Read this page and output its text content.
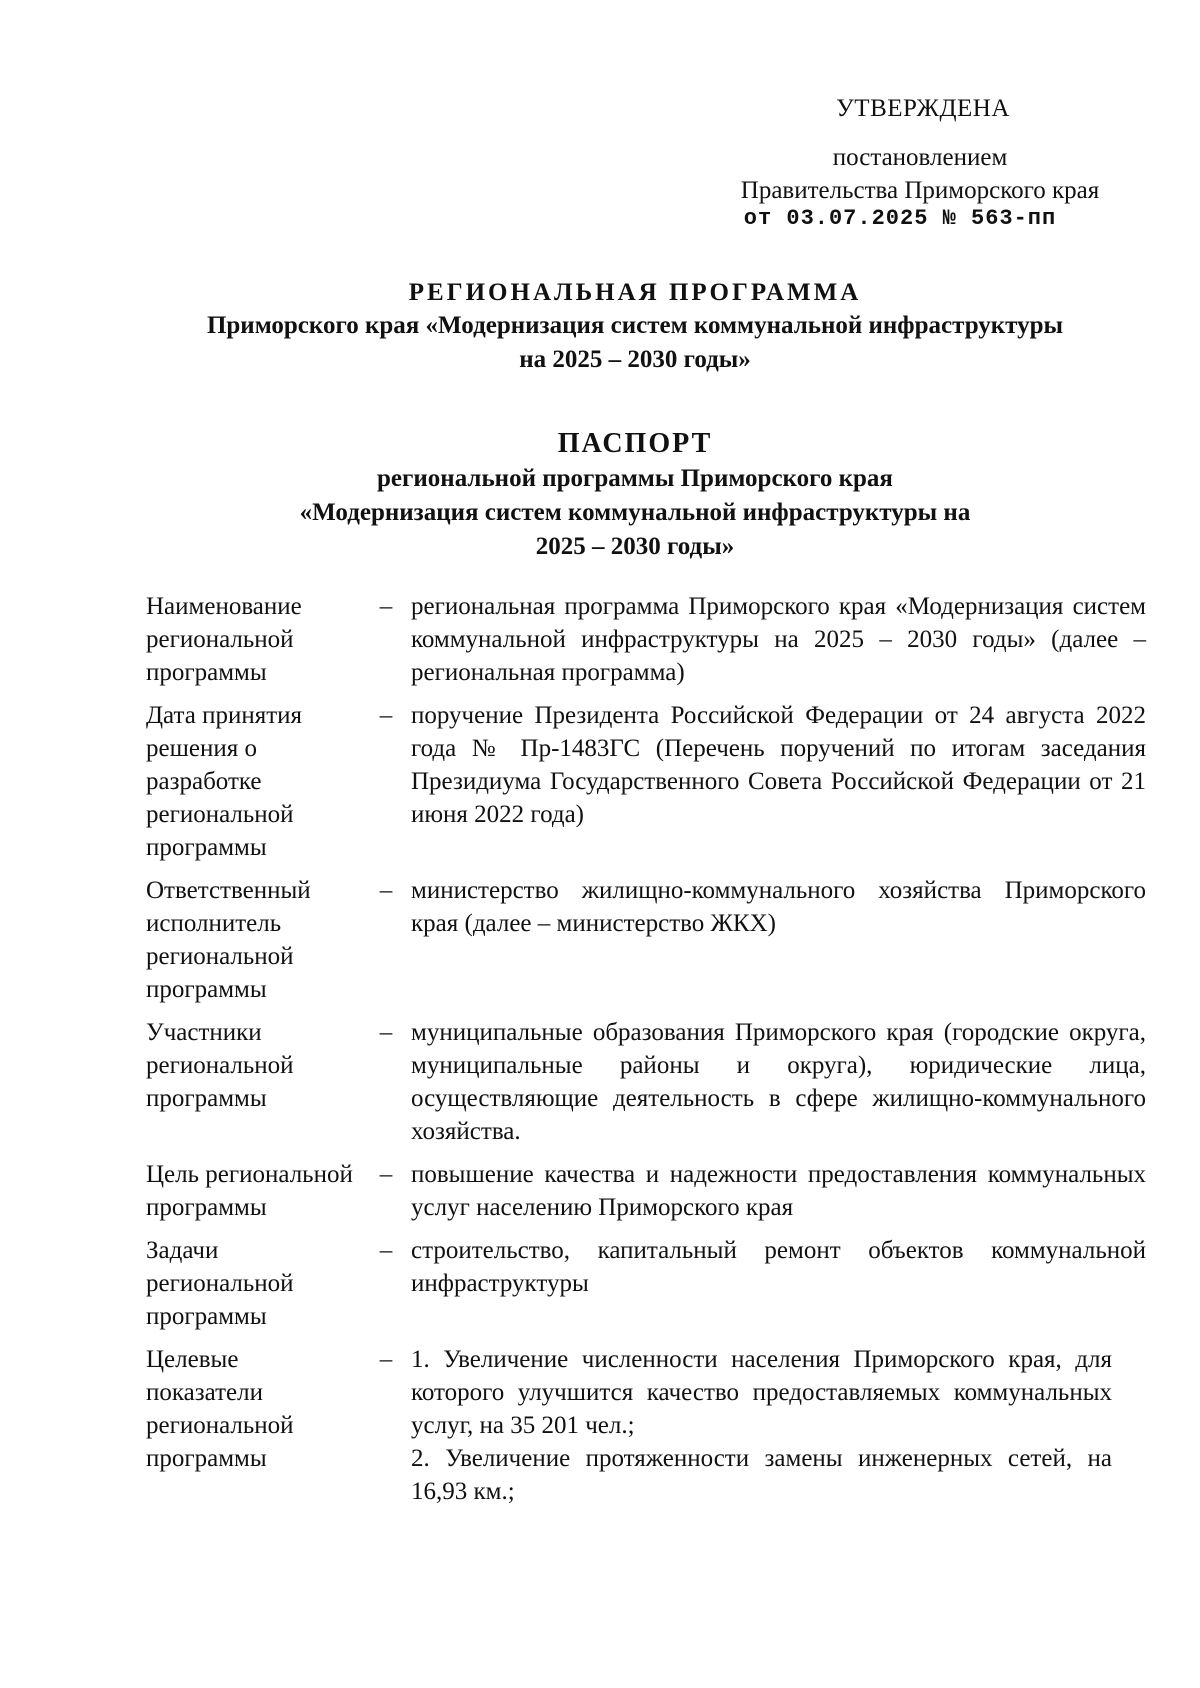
УТВЕРЖДЕНА
постановлением
Правительства Приморского края
от 03.07.2025 № 563-пп
РЕГИОНАЛЬНАЯ ПРОГРАММА
Приморского края «Модернизация систем коммунальной инфраструктуры
на 2025 – 2030 годы»
ПАСПОРТ
региональной программы Приморского края
«Модернизация систем коммунальной инфраструктуры на
2025 – 2030 годы»
Наименование региональной программы
– региональная программа Приморского края «Модернизация систем коммунальной инфраструктуры на 2025 – 2030 годы» (далее – региональная программа)
Дата принятия решения о разработке региональной программы
– поручение Президента Российской Федерации от 24 августа 2022 года № Пр-1483ГС (Перечень поручений по итогам заседания Президиума Государственного Совета Российской Федерации от 21 июня 2022 года)
Ответственный исполнитель региональной программы
– министерство жилищно-коммунального хозяйства Приморского края (далее – министерство ЖКХ)
Участники региональной программы
– муниципальные образования Приморского края (городские округа, муниципальные районы и округа), юридические лица, осуществляющие деятельность в сфере жилищно-коммунального хозяйства.
Цель региональной программы
– повышение качества и надежности предоставления коммунальных услуг населению Приморского края
Задачи региональной программы
– строительство, капитальный ремонт объектов коммунальной инфраструктуры
Целевые показатели региональной программы
– 1. Увеличение численности населения Приморского края, для которого улучшится качество предоставляемых коммунальных услуг, на 35 201 чел.;
2. Увеличение протяженности замены инженерных сетей, на 16,93 км.;
